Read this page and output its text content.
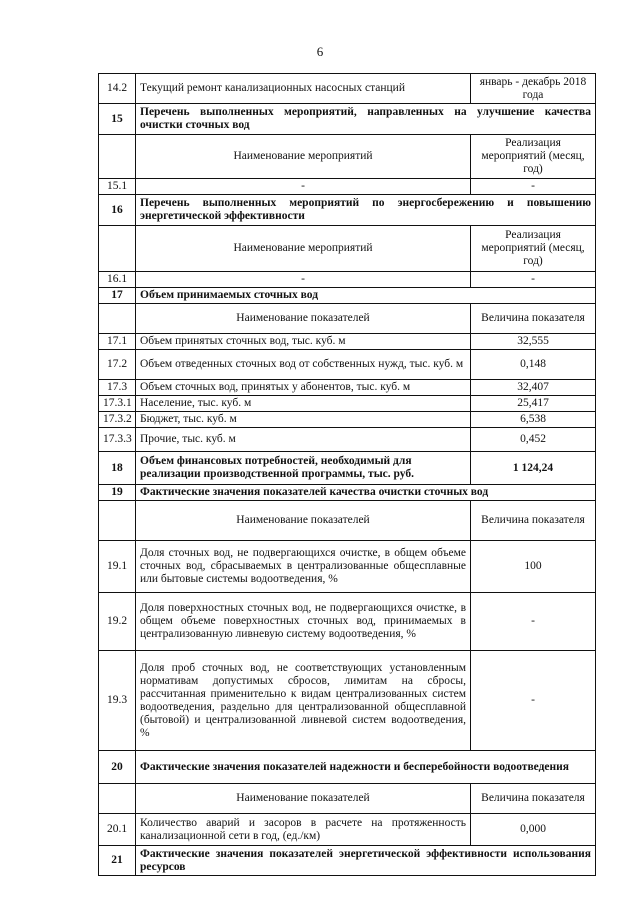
6
14.2	Текущий ремонт канализационных насосных станций	январь - декабрь 2018 года
15	Перечень выполненных мероприятий, направленных на улучшение качества очистки сточных вод	
	Наименование мероприятий	Реализация мероприятий (месяц, год)
15.1	-	-
16	Перечень выполненных мероприятий по энергосбережению и повышению энергетической эффективности	
	Наименование мероприятий	Реализация мероприятий (месяц, год)
16.1	-	-
17	Объем принимаемых сточных вод	
	Наименование показателей	Величина показателя
17.1	Объем принятых сточных вод, тыс. куб. м	32,555
17.2	Объем отведенных сточных вод от собственных нужд, тыс. куб. м	0,148
17.3	Объем сточных вод, принятых у абонентов, тыс. куб. м	32,407
17.3.1	Население, тыс. куб. м	25,417
17.3.2	Бюджет, тыс. куб. м	6,538
17.3.3	Прочие, тыс. куб. м	0,452
18	Объем финансовых потребностей, необходимый для реализации производственной программы, тыс. руб.	1 124,24
19	Фактические значения показателей качества очистки сточных вод	
	Наименование показателей	Величина показателя
19.1	Доля сточных вод, не подвергающихся очистке, в общем объеме сточных вод, сбрасываемых в централизованные общесплавные или бытовые системы водоотведения, %	100
19.2	Доля поверхностных сточных вод, не подвергающихся очистке, в общем объеме поверхностных сточных вод, принимаемых в централизованную ливневую систему водоотведения, %	-
19.3	Доля проб сточных вод, не соответствующих установленным нормативам допустимых сбросов, лимитам на сбросы, рассчитанная применительно к видам централизованных систем водоотведения, раздельно для централизованной общесплавной (бытовой) и централизованной ливневой систем водоотведения, %	-
20	Фактические значения показателей надежности и бесперебойности водоотведения	
	Наименование показателей	Величина показателя
20.1	Количество аварий и засоров в расчете на протяженность канализационной сети в год, (ед./км)	0,000
21	Фактические значения показателей энергетической эффективности использования ресурсов	
